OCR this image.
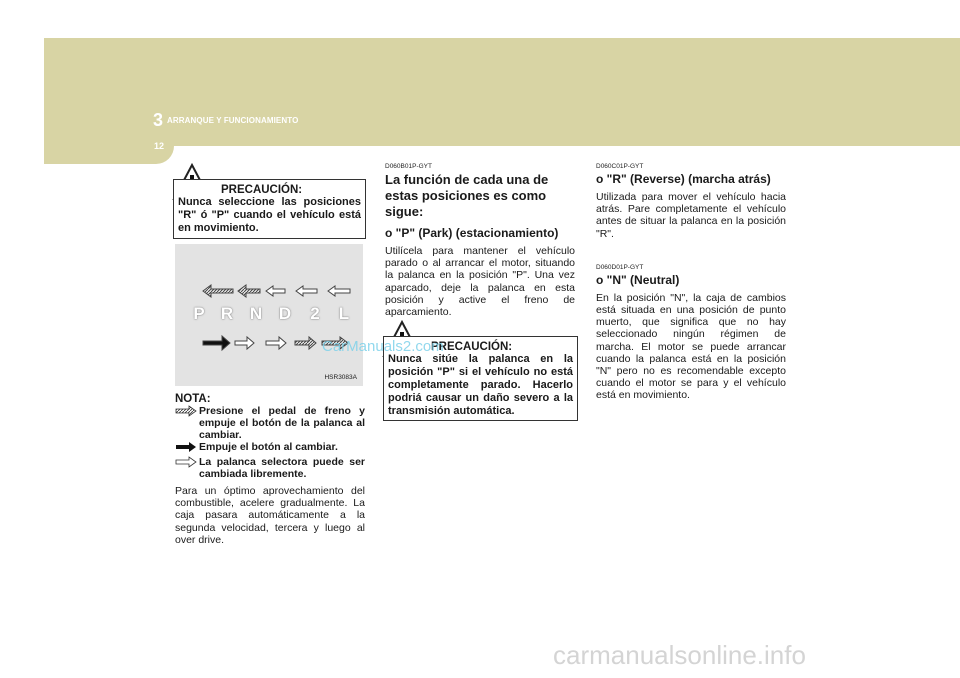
3 ARRANQUE Y FUNCIONAMIENTO
12
PRECAUCIÓN:
Nunca seleccione las posiciones "R" ó "P" cuando el vehículo está en movimiento.
P R N D	2	L
HSR3083A
NOTA:
Presione el pedal de freno y empuje el botón de la palanca al cambiar.
Empuje el botón al cambiar.
La palanca selectora puede ser cambiada libremente.
Para un óptimo aprovechamiento del combustible, acelere gradualmente. La caja pasara automáticamente a la segunda velocidad, tercera y luego al over drive.
D060B01P-GYT
La función de cada una de estas posiciones es como sigue:
o "P" (Park) (estacionamiento)
Utilícela para mantener el vehículo parado o al arrancar el motor, situando la palanca en la posición "P". Una vez aparcado, deje la palanca en esta posición y active el freno de aparcamiento.
PRECAUCIÓN:
Nunca sitúe la palanca en la posición "P" si el vehículo no está completamente parado. Hacerlo podriá causar un daño severo a la transmisión automática.
CarManuals2.com
D060C01P-GYT
o "R" (Reverse) (marcha atrás)
Utilizada para mover el vehículo hacia atrás. Pare completamente el vehículo antes de situar la palanca en la posición "R".
D060D01P-GYT
o "N" (Neutral)
En la posición "N", la caja de cambios está situada en una posición de punto muerto, que significa que no hay seleccionado ningún régimen de marcha. El motor se puede arrancar cuando la palanca está en la posición "N" pero no es recomendable excepto cuando el motor se para y el vehículo está en movimiento.
carmanualsonline.info
